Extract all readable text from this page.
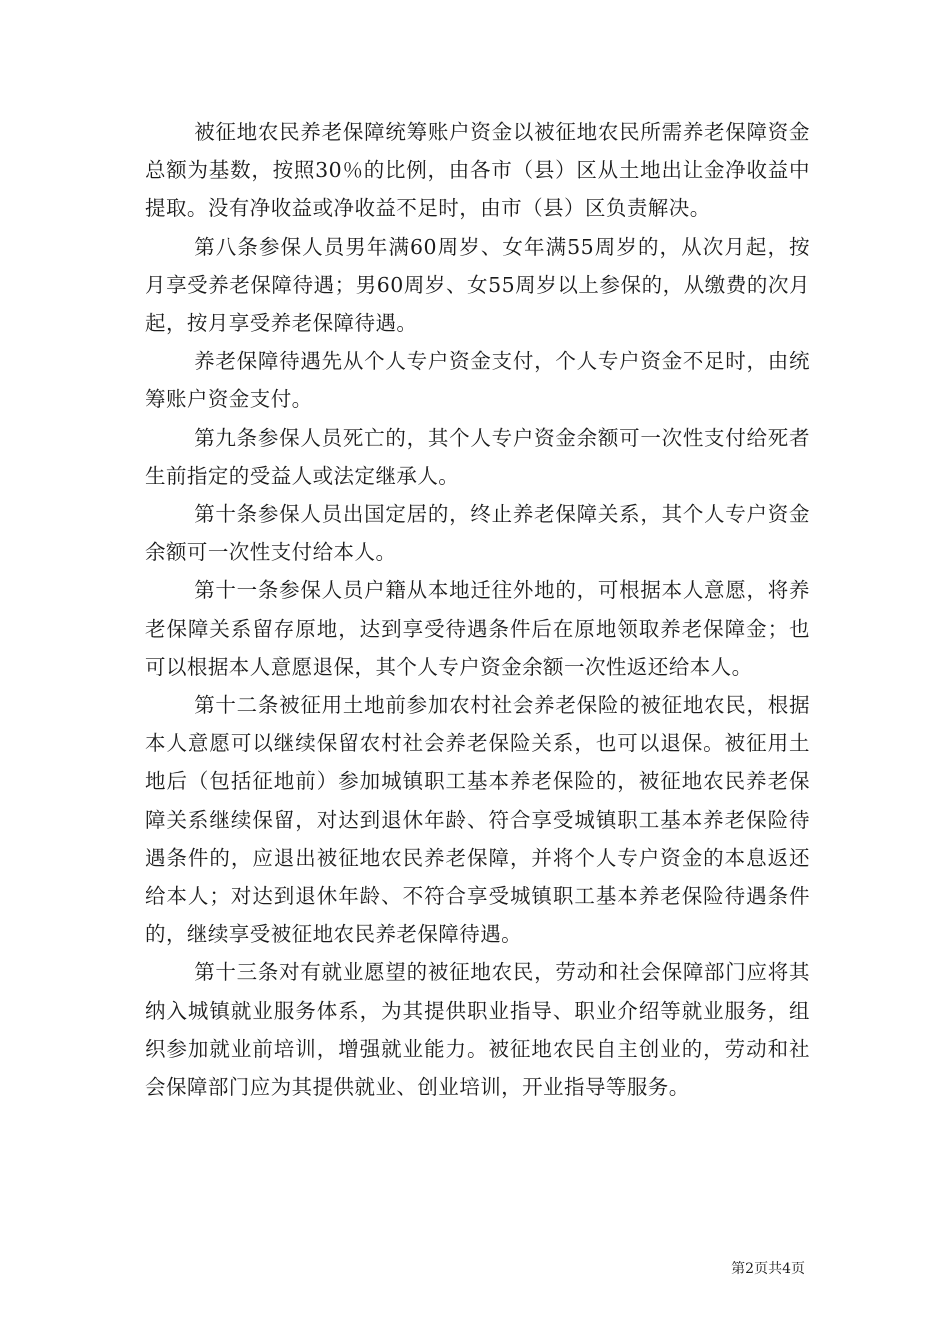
被征地农民养老保障统筹账户资金以被征地农民所需养老保障资金总额为基数，按照30％的比例，由各市（县）区从土地出让金净收益中提取。没有净收益或净收益不足时，由市（县）区负责解决。

第八条参保人员男年满60周岁、女年满55周岁的，从次月起，按月享受养老保障待遇；男60周岁、女55周岁以上参保的，从缴费的次月起，按月享受养老保障待遇。

养老保障待遇先从个人专户资金支付，个人专户资金不足时，由统筹账户资金支付。

第九条参保人员死亡的，其个人专户资金余额可一次性支付给死者生前指定的受益人或法定继承人。

第十条参保人员出国定居的，终止养老保障关系，其个人专户资金余额可一次性支付给本人。

第十一条参保人员户籍从本地迁往外地的，可根据本人意愿，将养老保障关系留存原地，达到享受待遇条件后在原地领取养老保障金；也可以根据本人意愿退保，其个人专户资金余额一次性返还给本人。

第十二条被征用土地前参加农村社会养老保险的被征地农民，根据本人意愿可以继续保留农村社会养老保险关系，也可以退保。被征用土地后（包括征地前）参加城镇职工基本养老保险的，被征地农民养老保障关系继续保留，对达到退休年龄、符合享受城镇职工基本养老保险待遇条件的，应退出被征地农民养老保障，并将个人专户资金的本息返还给本人；对达到退休年龄、不符合享受城镇职工基本养老保险待遇条件的，继续享受被征地农民养老保障待遇。

第十三条对有就业愿望的被征地农民，劳动和社会保障部门应将其纳入城镇就业服务体系，为其提供职业指导、职业介绍等就业服务，组织参加就业前培训，增强就业能力。被征地农民自主创业的，劳动和社会保障部门应为其提供就业、创业培训，开业指导等服务。

第2页共4页
